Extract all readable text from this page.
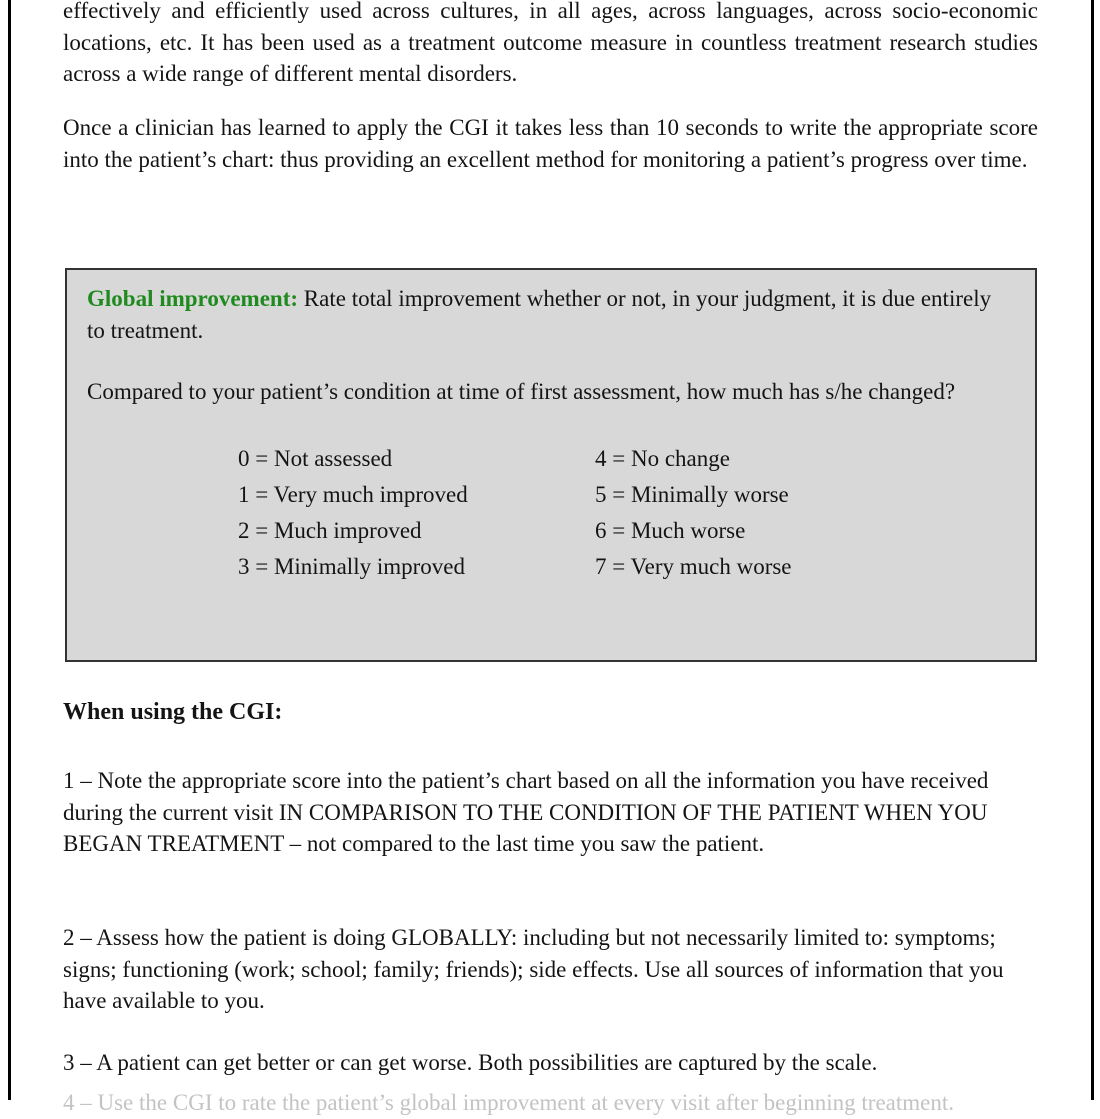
effectively and efficiently used across cultures, in all ages, across languages, across socio-economic locations, etc. It has been used as a treatment outcome measure in countless treatment research studies across a wide range of different mental disorders.

Once a clinician has learned to apply the CGI it takes less than 10 seconds to write the appropriate score into the patient’s chart: thus providing an excellent method for monitoring a patient’s progress over time.

Global improvement: Rate total improvement whether or not, in your judgment, it is due entirely to treatment.

Compared to your patient’s condition at time of first assessment, how much has s/he changed?

0 = Not assessed
1 = Very much improved
2 = Much improved
3 = Minimally improved
4 = No change
5 = Minimally worse
6 = Much worse
7 = Very much worse

When using the CGI:

1 – Note the appropriate score into the patient’s chart based on all the information you have received during the current visit IN COMPARISON TO THE CONDITION OF THE PATIENT WHEN YOU BEGAN TREATMENT – not compared to the last time you saw the patient.

2 – Assess how the patient is doing GLOBALLY: including but not necessarily limited to: symptoms; signs; functioning (work; school; family; friends); side effects. Use all sources of information that you have available to you.

3 – A patient can get better or can get worse. Both possibilities are captured by the scale.

4 – Use the CGI to rate the patient’s global improvement at every visit after beginning treatment.
